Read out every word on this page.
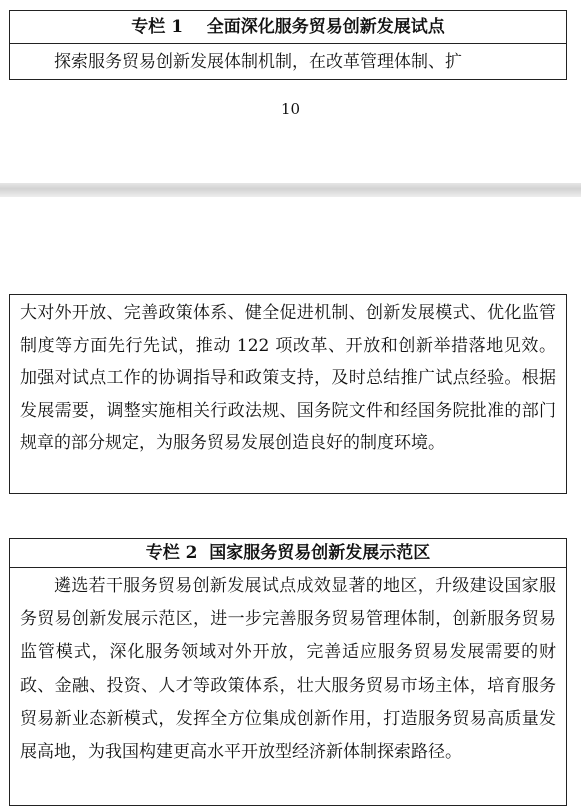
专栏 1    全面深化服务贸易创新发展试点
探索服务贸易创新发展体制机制，在改革管理体制、扩
10
大对外开放、完善政策体系、健全促进机制、创新发展模式、优化监管制度等方面先行先试，推动 122 项改革、开放和创新举措落地见效。加强对试点工作的协调指导和政策支持，及时总结推广试点经验。根据发展需要，调整实施相关行政法规、国务院文件和经国务院批准的部门规章的部分规定，为服务贸易发展创造良好的制度环境。
专栏 2  国家服务贸易创新发展示范区
遴选若干服务贸易创新发展试点成效显著的地区，升级建设国家服务贸易创新发展示范区，进一步完善服务贸易管理体制，创新服务贸易监管模式，深化服务领域对外开放，完善适应服务贸易发展需要的财政、金融、投资、人才等政策体系，壮大服务贸易市场主体，培育服务贸易新业态新模式，发挥全方位集成创新作用，打造服务贸易高质量发展高地，为我国构建更高水平开放型经济新体制探索路径。
